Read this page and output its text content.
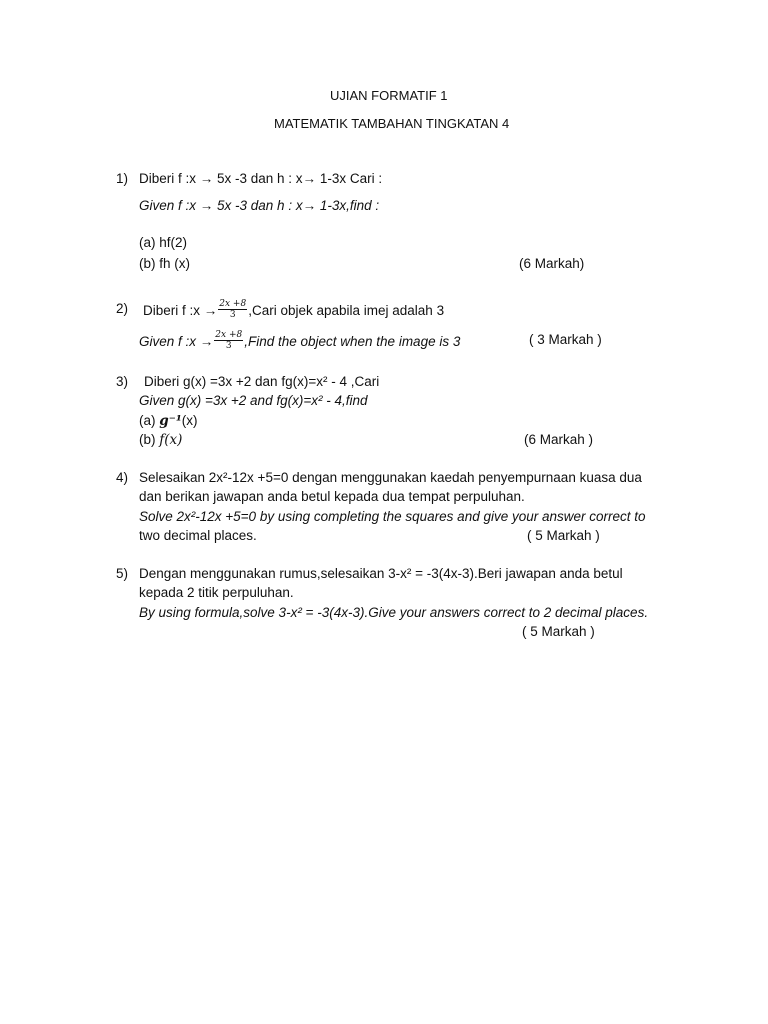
UJIAN FORMATIF 1
MATEMATIK TAMBAHAN TINGKATAN 4
1) Diberi f :x → 5x -3 dan h : x→ 1-3x Cari :
Given f :x → 5x -3 dan h : x→ 1-3x,find :
(a) hf(2)
(b) fh (x)	(6 Markah)
2) Diberi f :x → $\frac{2x +8}{3}$ ,Cari objek apabila imej adalah 3
Given f :x → $\frac{2x +8}{3}$ ,Find the object when the image is 3	( 3 Markah )
3) Diberi g(x) =3x +2 dan fg(x)=x² - 4 ,Cari
Given g(x) =3x +2 and fg(x)=x² - 4,find
(a) g⁻¹(x)
(b) f(x)	(6 Markah )
4) Selesaikan 2x²-12x +5=0 dengan menggunakan kaedah penyempurnaan kuasa dua
dan berikan jawapan anda betul kepada dua tempat perpuluhan.
Solve 2x²-12x +5=0 by using completing the squares and give your answer correct to
two decimal places.	( 5 Markah )
5) Dengan menggunakan rumus,selesaikan 3-x² = -3(4x-3).Beri jawapan anda betul
kepada 2 titik perpuluhan.
By using formula,solve 3-x² = -3(4x-3).Give your answers correct to 2 decimal places.
( 5 Markah )
